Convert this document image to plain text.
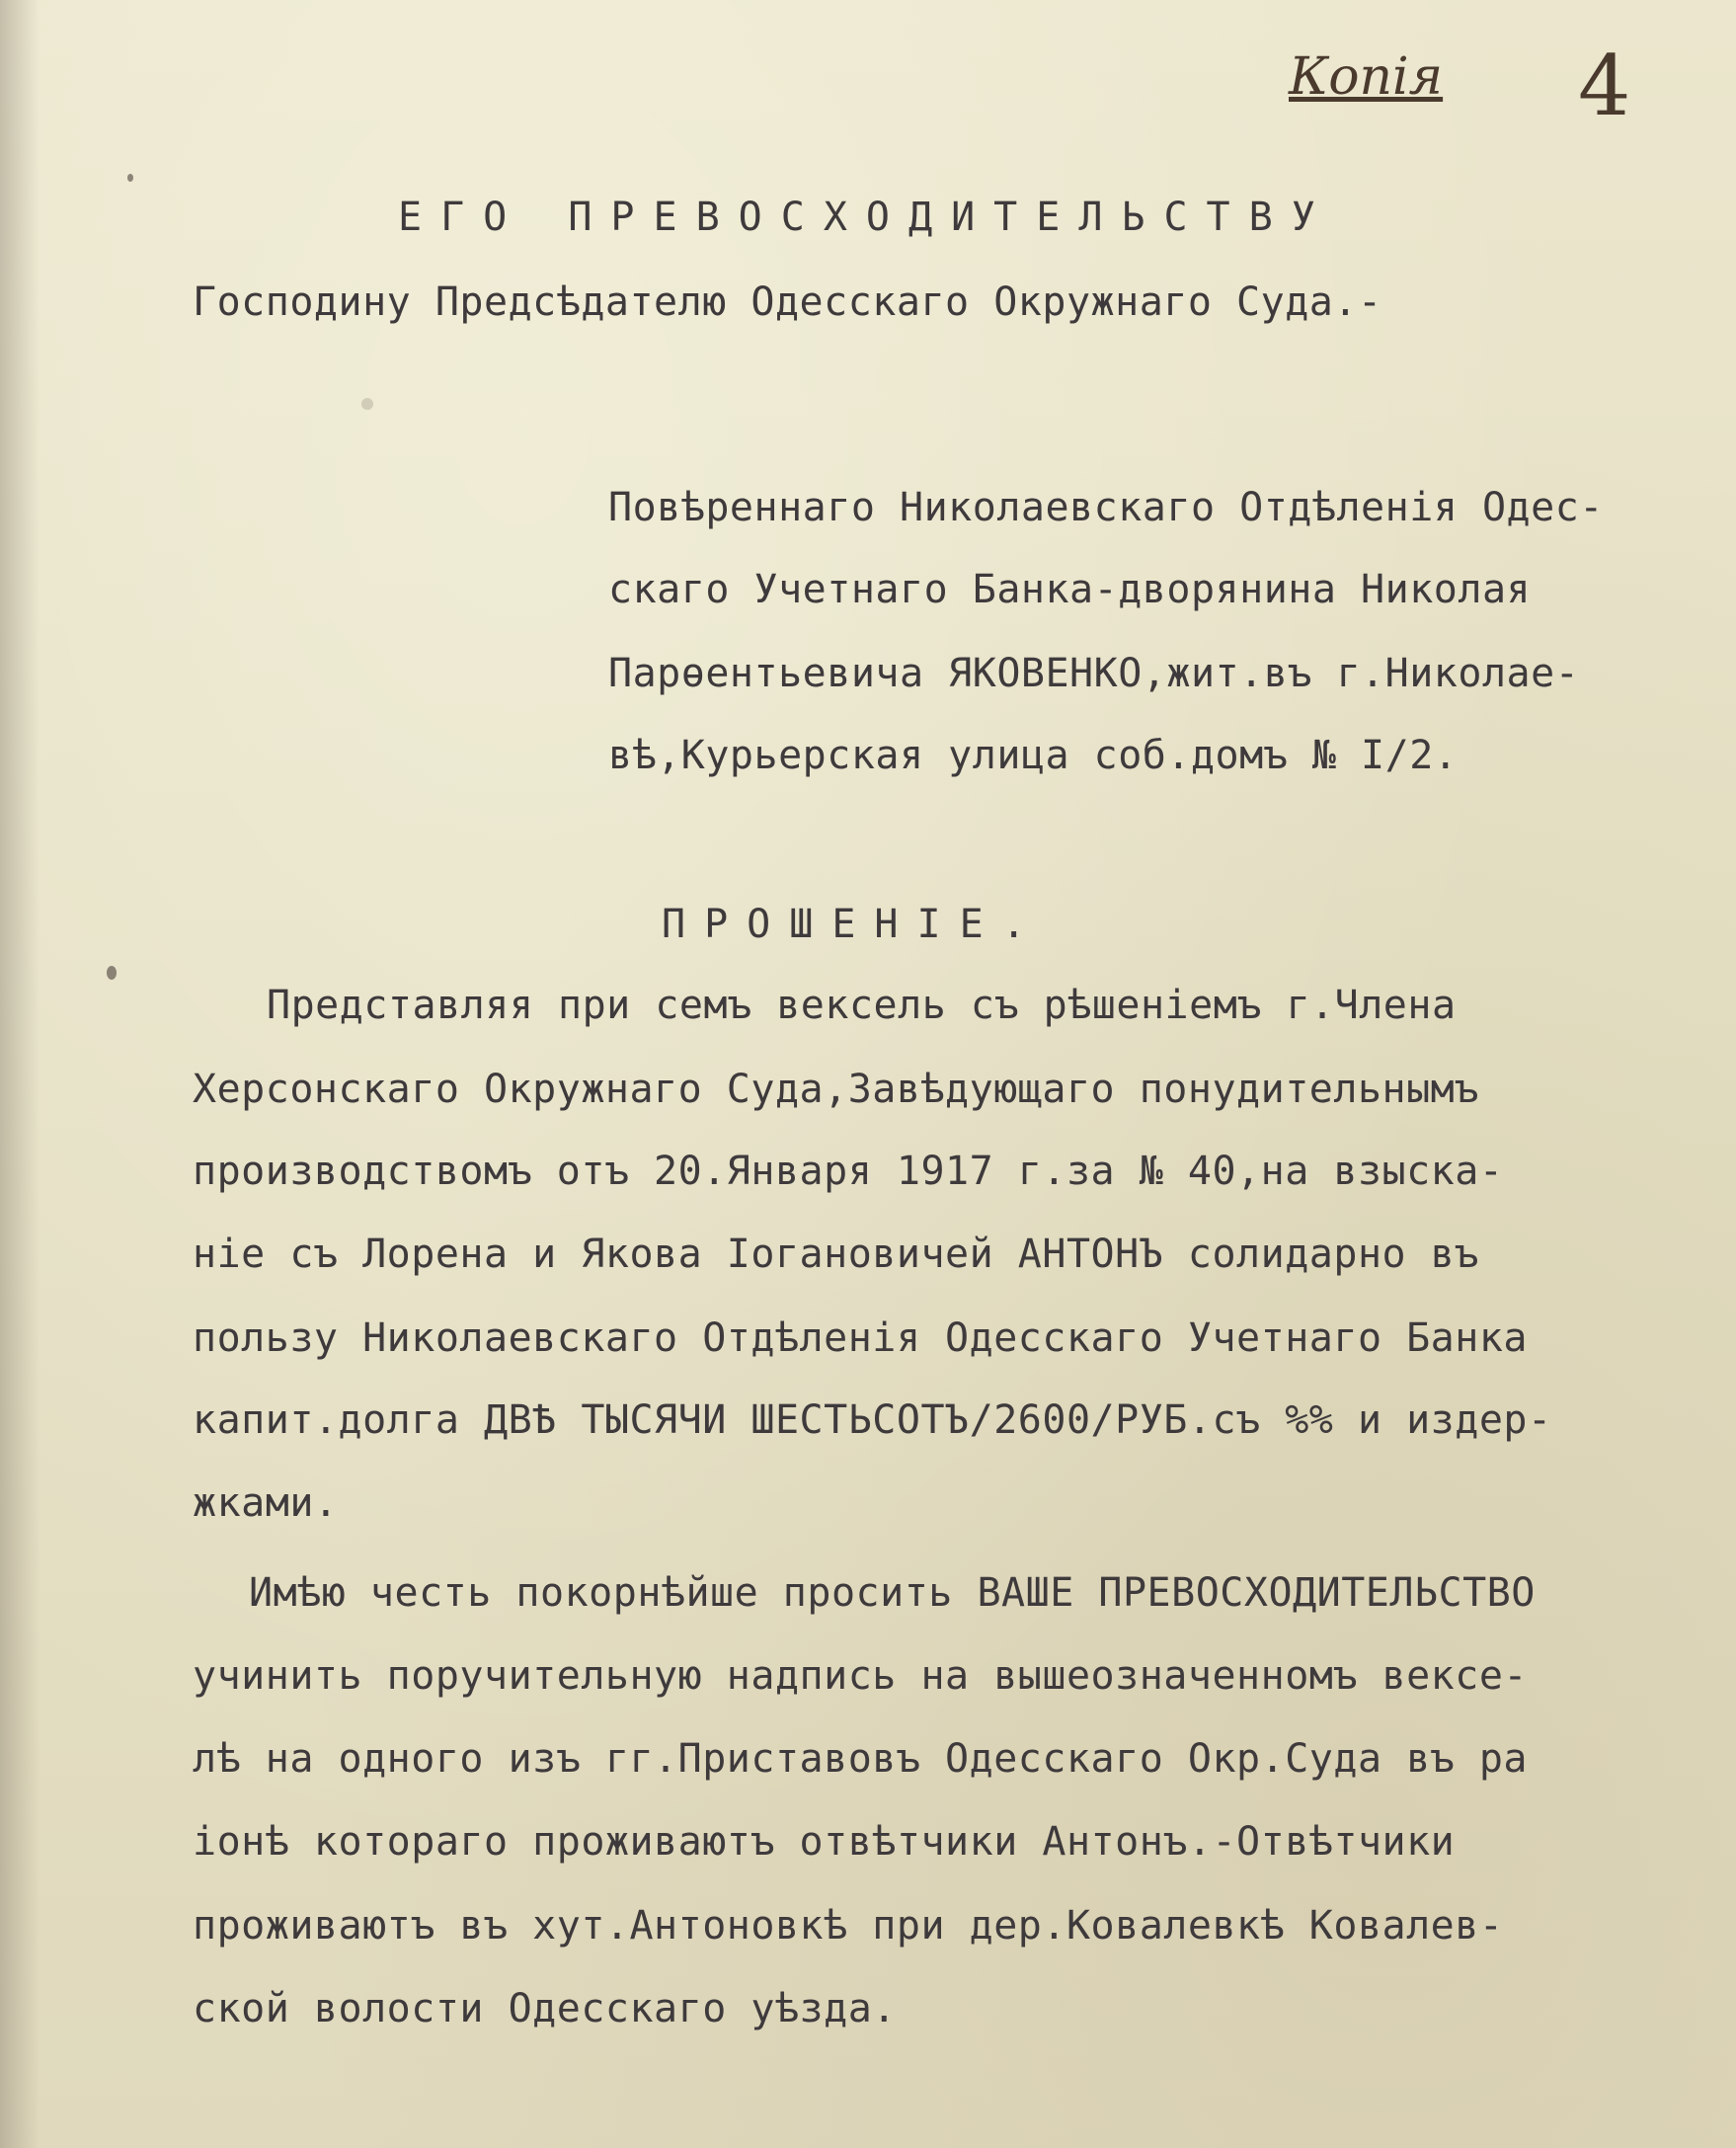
Копія 4
ЕГО ПРЕВОСХОДИТЕЛЬСТВУ
Господину Предсѣдателю Одесскаго Окружнаго Суда.-
Повѣреннаго Николаевскаго Отдѣленія Одес-
скаго Учетнаго Банка-дворянина Николая
Парѳентьевича ЯКОВЕНКО,жит.въ г.Николае-
вѣ,Курьерская улица соб.домъ № I/2.
ПРОШЕНІЕ.
Представляя при семъ вексель съ рѣшеніемъ г.Члена
Херсонскаго Окружнаго Суда,Завѣдующаго понудительнымъ
производствомъ отъ 20.Января 1917 г.за № 40,на взыска-
ніе съ Лорена и Якова Іогановичей АНТОНЪ солидарно въ
пользу Николаевскаго Отдѣленія Одесскаго Учетнаго Банка
капит.долга ДВѢ ТЫСЯЧИ ШЕСТЬСОТЪ/2600/РУБ.съ %% и издер-
жками.
Имѣю честь покорнѣйше просить ВАШЕ ПРЕВОСХОДИТЕЛЬСТВО
учинить поручительную надпись на вышеозначенномъ вексе-
лѣ на одного изъ гг.Приставовъ Одесскаго Окр.Суда въ ра
іонѣ котораго проживаютъ отвѣтчики Антонъ.-Отвѣтчики
проживаютъ въ хут.Антоновкѣ при дер.Ковалевкѣ Ковалев-
ской волости Одесскаго уѣзда.
